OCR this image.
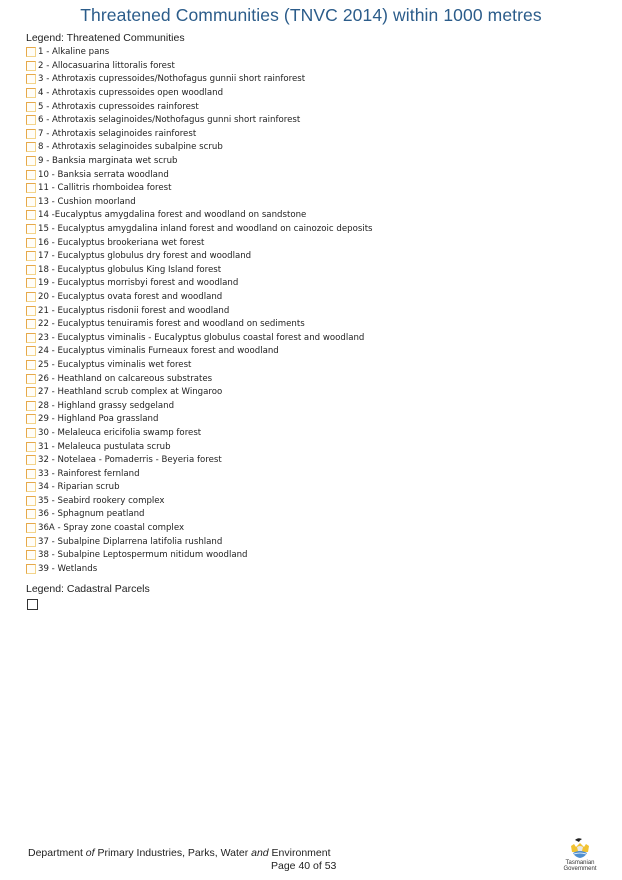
Threatened Communities (TNVC 2014) within 1000 metres
Legend: Threatened Communities
1 - Alkaline pans
2 - Allocasuarina littoralis forest
3 - Athrotaxis cupressoides/Nothofagus gunnii short rainforest
4 - Athrotaxis cupressoides open woodland
5 - Athrotaxis cupressoides rainforest
6 - Athrotaxis selaginoides/Nothofagus gunni short rainforest
7 - Athrotaxis selaginoides rainforest
8 - Athrotaxis selaginoides subalpine scrub
9 - Banksia marginata wet scrub
10 - Banksia serrata woodland
11 - Callitris rhomboidea forest
13 - Cushion moorland
14 -Eucalyptus amygdalina forest and woodland on sandstone
15 - Eucalyptus amygdalina inland forest and woodland on cainozoic deposits
16 - Eucalyptus brookeriana wet forest
17 - Eucalyptus globulus dry forest and woodland
18 - Eucalyptus globulus King Island forest
19 - Eucalyptus morrisbyi forest and woodland
20 - Eucalyptus ovata forest and woodland
21 - Eucalyptus risdonii forest and woodland
22 - Eucalyptus tenuiramis forest and woodland on sediments
23 - Eucalyptus viminalis - Eucalyptus globulus coastal forest and woodland
24 - Eucalyptus viminalis Furneaux forest and woodland
25 - Eucalyptus viminalis wet forest
26 - Heathland on calcareous substrates
27 - Heathland scrub complex at Wingaroo
28 - Highland grassy sedgeland
29 - Highland Poa grassland
30 - Melaleuca ericifolia swamp forest
31 - Melaleuca pustulata scrub
32 - Notelaea - Pomaderris - Beyeria forest
33 - Rainforest fernland
34 - Riparian scrub
35 - Seabird rookery complex
36 - Sphagnum peatland
36A - Spray zone coastal complex
37 - Subalpine Diplarrena latifolia rushland
38 - Subalpine Leptospermum nitidum woodland
39 - Wetlands
Legend: Cadastral Parcels
Department of Primary Industries, Parks, Water and Environment
Page 40 of 53	Tasmanian
Government
